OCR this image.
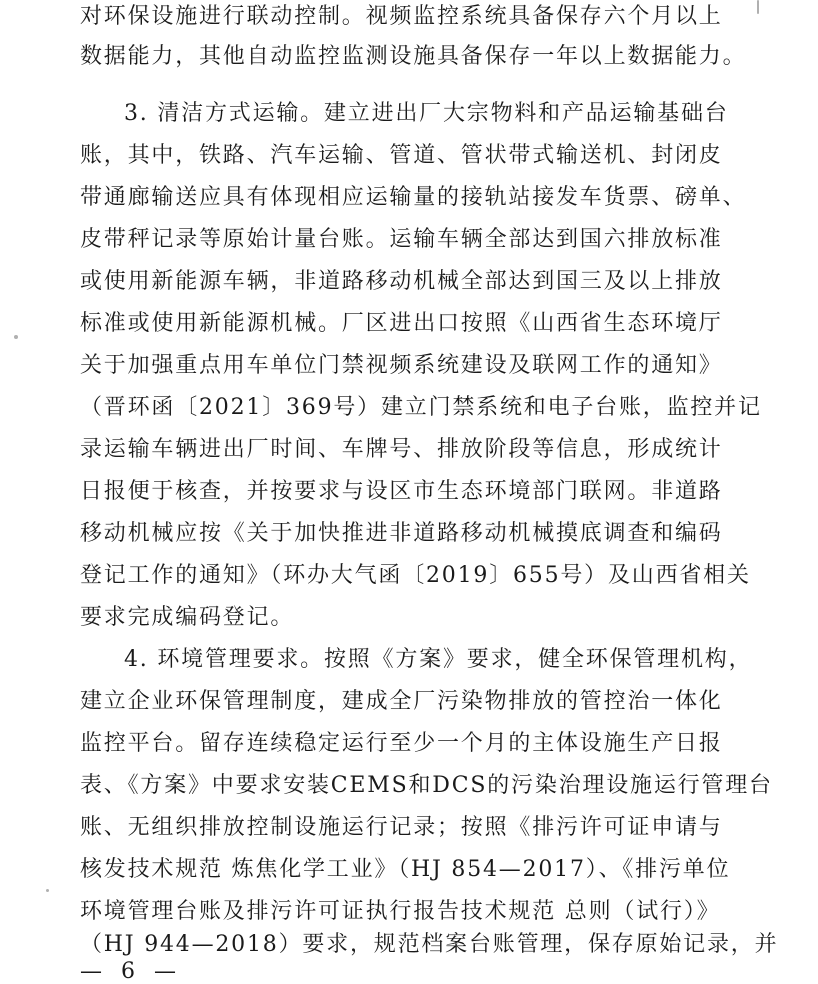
对环保设施进行联动控制。视频监控系统具备保存六个月以上
数据能力，其他自动监控监测设施具备保存一年以上数据能力。
3. 清洁方式运输。建立进出厂大宗物料和产品运输基础台
账，其中，铁路、汽车运输、管道、管状带式输送机、封闭皮
带通廊输送应具有体现相应运输量的接轨站接发车货票、磅单、
皮带秤记录等原始计量台账。运输车辆全部达到国六排放标准
或使用新能源车辆，非道路移动机械全部达到国三及以上排放
标准或使用新能源机械。厂区进出口按照《山西省生态环境厅
关于加强重点用车单位门禁视频系统建设及联网工作的通知》
（晋环函〔2021〕369号）建立门禁系统和电子台账，监控并记
录运输车辆进出厂时间、车牌号、排放阶段等信息，形成统计
日报便于核查，并按要求与设区市生态环境部门联网。非道路
移动机械应按《关于加快推进非道路移动机械摸底调查和编码
登记工作的通知》（环办大气函〔2019〕655号）及山西省相关
要求完成编码登记。
4. 环境管理要求。按照《方案》要求，健全环保管理机构，
建立企业环保管理制度，建成全厂污染物排放的管控治一体化
监控平台。留存连续稳定运行至少一个月的主体设施生产日报
表、《方案》中要求安装CEMS和DCS的污染治理设施运行管理台
账、无组织排放控制设施运行记录；按照《排污许可证申请与
核发技术规范 炼焦化学工业》（HJ 854—2017）、《排污单位
环境管理台账及排污许可证执行报告技术规范 总则（试行）》
（HJ 944—2018）要求，规范档案台账管理，保存原始记录，并
— 6 —
